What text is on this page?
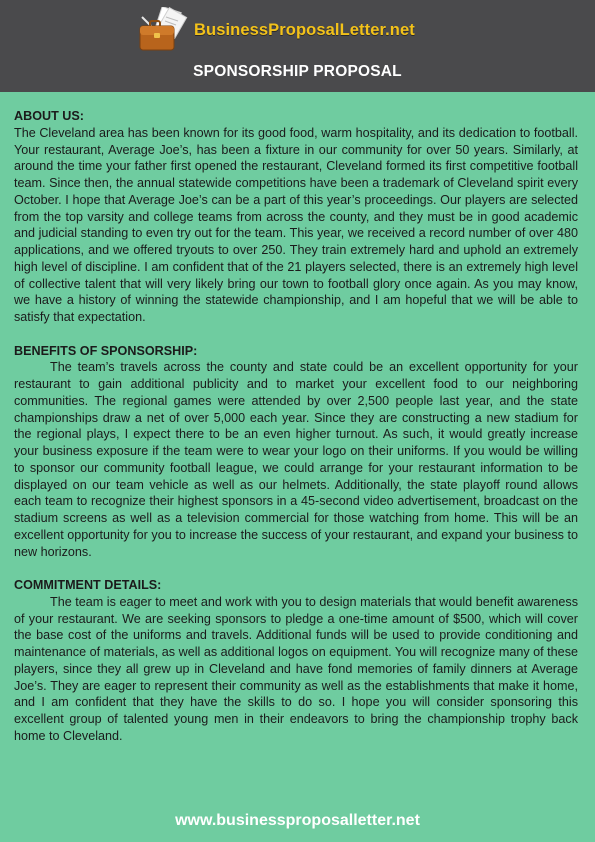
BusinessProposalLetter.net
SPONSORSHIP PROPOSAL
ABOUT US:
The Cleveland area has been known for its good food, warm hospitality, and its dedication to football. Your restaurant, Average Joe’s, has been a fixture in our community for over 50 years. Similarly, at around the time your father first opened the restaurant, Cleveland formed its first competitive football team. Since then, the annual statewide competitions have been a trademark of Cleveland spirit every October. I hope that Average Joe’s can be a part of this year’s proceedings. Our players are selected from the top varsity and college teams from across the county, and they must be in good academic and judicial standing to even try out for the team. This year, we received a record number of over 480 applications, and we offered tryouts to over 250. They train extremely hard and uphold an extremely high level of discipline. I am confident that of the 21 players selected, there is an extremely high level of collective talent that will very likely bring our town to football glory once again. As you may know, we have a history of winning the statewide championship, and I am hopeful that we will be able to satisfy that expectation.
BENEFITS OF SPONSORSHIP:
The team’s travels across the county and state could be an excellent opportunity for your restaurant to gain additional publicity and to market your excellent food to our neighboring communities. The regional games were attended by over 2,500 people last year, and the state championships draw a net of over 5,000 each year. Since they are constructing a new stadium for the regional plays, I expect there to be an even higher turnout. As such, it would greatly increase your business exposure if the team were to wear your logo on their uniforms. If you would be willing to sponsor our community football league, we could arrange for your restaurant information to be displayed on our team vehicle as well as our helmets. Additionally, the state playoff round allows each team to recognize their highest sponsors in a 45-second video advertisement, broadcast on the stadium screens as well as a television commercial for those watching from home. This will be an excellent opportunity for you to increase the success of your restaurant, and expand your business to new horizons.
COMMITMENT DETAILS:
The team is eager to meet and work with you to design materials that would benefit awareness of your restaurant. We are seeking sponsors to pledge a one-time amount of $500, which will cover the base cost of the uniforms and travels. Additional funds will be used to provide conditioning and maintenance of materials, as well as additional logos on equipment. You will recognize many of these players, since they all grew up in Cleveland and have fond memories of family dinners at Average Joe’s. They are eager to represent their community as well as the establishments that make it home, and I am confident that they have the skills to do so. I hope you will consider sponsoring this excellent group of talented young men in their endeavors to bring the championship trophy back home to Cleveland.
www.businessproposalletter.net
